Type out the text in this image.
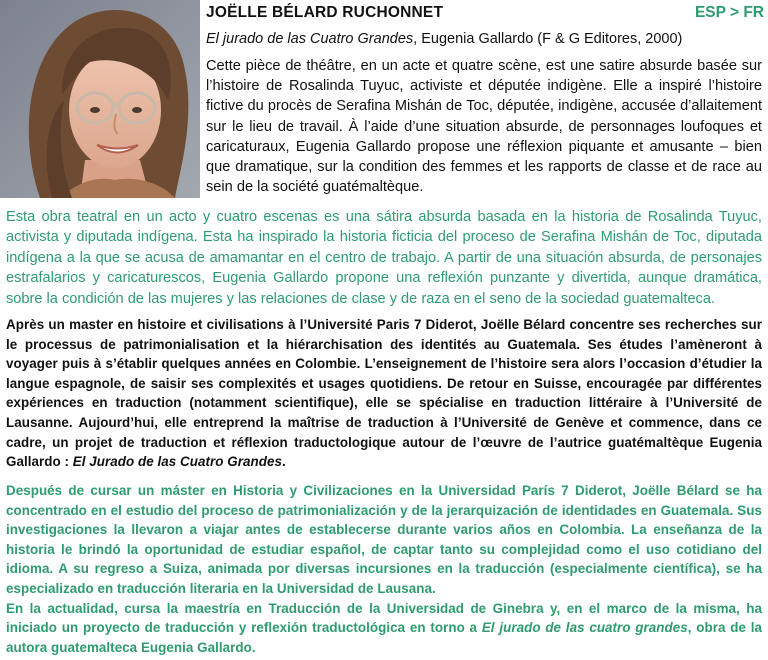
JOËLLE BÉLARD RUCHONNET	ESP > FR
El jurado de las Cuatro Grandes, Eugenia Gallardo (F & G Editores, 2000)

Cette pièce de théâtre, en un acte et quatre scène, est une satire absurde basée sur l’histoire de Rosalinda Tuyuc, activiste et députée indigène. Elle a inspiré l’histoire fictive du procès de Serafina Mishán de Toc, députée, indigène, accusée d’allaitement sur le lieu de travail. À l’aide d’une situation absurde, de personnages loufoques et caricaturaux, Eugenia Gallardo propose une réflexion piquante et amusante – bien que dramatique, sur la condition des femmes et les rapports de classe et de race au sein de la société guatémaltèque.

Esta obra teatral en un acto y cuatro escenas es una sátira absurda basada en la historia de Rosalinda Tuyuc, activista y diputada indígena. Esta ha inspirado la historia ficticia del proceso de Serafina Mishán de Toc, diputada indígena a la que se acusa de amamantar en el centro de trabajo. A partir de una situación absurda, de personajes estrafalarios y caricaturescos, Eugenia Gallardo propone una reflexión punzante y divertida, aunque dramática, sobre la condición de las mujeres y las relaciones de clase y de raza en el seno de la sociedad guatemalteca.

Après un master en histoire et civilisations à l’Université Paris 7 Diderot, Joëlle Bélard concentre ses recherches sur le processus de patrimonialisation et la hiérarchisation des identités au Guatemala. Ses études l’amèneront à voyager puis à s’établir quelques années en Colombie. L’enseignement de l’histoire sera alors l’occasion d’étudier la langue espagnole, de saisir ses complexités et usages quotidiens. De retour en Suisse, encouragée par différentes expériences en traduction (notamment scientifique), elle se spécialise en traduction littéraire à l’Université de Lausanne. Aujourd’hui, elle entreprend la maîtrise de traduction à l’Université de Genève et commence, dans ce cadre, un projet de traduction et réflexion traductologique autour de l’œuvre de l’autrice guatémaltèque Eugenia Gallardo : El Jurado de las Cuatro Grandes.

Después de cursar un máster en Historia y Civilizaciones en la Universidad París 7 Diderot, Joëlle Bélard se ha concentrado en el estudio del proceso de patrimonialización y de la jerarquización de identidades en Guatemala. Sus investigaciones la llevaron a viajar antes de establecerse durante varios años en Colombia. La enseñanza de la historia le brindó la oportunidad de estudiar español, de captar tanto su complejidad como el uso cotidiano del idioma. A su regreso a Suiza, animada por diversas incursiones en la traducción (especialmente científica), se ha especializado en traducción literaria en la Universidad de Lausana.

En la actualidad, cursa la maestría en Traducción de la Universidad de Ginebra y, en el marco de la misma, ha iniciado un proyecto de traducción y reflexión traductológica en torno a El jurado de las cuatro grandes, obra de la autora guatemalteca Eugenia Gallardo.
